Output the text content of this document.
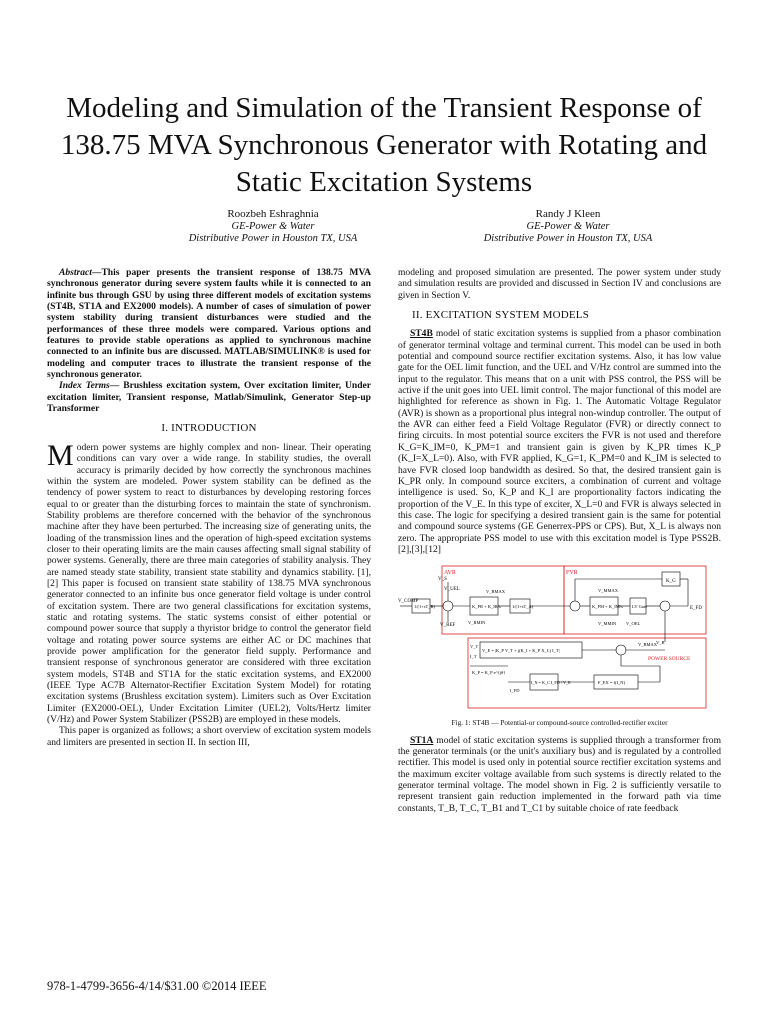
Modeling and Simulation of the Transient Response of 138.75 MVA Synchronous Generator with Rotating and Static Excitation Systems
Roozbeh Eshraghnia
GE-Power & Water
Distributive Power in Houston TX, USA
Randy J Kleen
GE-Power & Water
Distributive Power in Houston TX, USA

Abstract—This paper presents the transient response of 138.75 MVA synchronous generator during severe system faults while it is connected to an infinite bus through GSU by using three different models of excitation systems (ST4B, ST1A and EX2000 models). A number of cases of simulation of power system stability during transient disturbances were studied and the performances of these three models were compared. Various options and features to provide stable operations as applied to synchronous machine connected to an infinite bus are discussed. MATLAB/SIMULINK® is used for modeling and computer traces to illustrate the transient response of the synchronous generator.

Index Terms— Brushless excitation system, Over excitation limiter, Under excitation limiter, Transient response, Matlab/Simulink, Generator Step-up Transformer

I. INTRODUCTION

Modern power systems are highly complex and non- linear. Their operating conditions can vary over a wide range. In stability studies, the overall accuracy is primarily decided by how correctly the synchronous machines within the system are modeled. Power system stability can be defined as the tendency of power system to react to disturbances by developing restoring forces equal to or greater than the disturbing forces to maintain the state of synchronism. Stability problems are therefore concerned with the behavior of the synchronous machine after they have been perturbed. The increasing size of generating units, the loading of the transmission lines and the operation of high-speed excitation systems closer to their operating limits are the main causes affecting small signal stability of power systems. Generally, there are three main categories of stability analysis. They are named steady state stability, transient state stability and dynamics stability. [1], [2] This paper is focused on transient state stability of 138.75 MVA synchronous generator connected to an infinite bus once generator field voltage is under control of excitation system. There are two general classifications for excitation systems, static and rotating systems. The static systems consist of either potential or compound power source that supply a thyristor bridge to control the generator field voltage and rotating power source systems are either AC or DC machines that provide power amplification for the generator field supply. Performance and transient response of synchronous generator are considered with three excitation system models, ST4B and ST1A for the static excitation systems, and EX2000 (IEEE Type AC7B Alternator-Rectifier Excitation System Model) for rotating excitation systems (Brushless excitation system). Limiters such as Over Excitation Limiter (EX2000-OEL), Under Excitation Limiter (UEL2), Volts/Hertz limiter (V/Hz) and Power System Stabilizer (PSS2B) are employed in these models.

This paper is organized as follows; a short overview of excitation system models and limiters are presented in section II. In section III,

modeling and proposed simulation are presented. The power system under study and simulation results are provided and discussed in Section IV and conclusions are given in Section V.

II. EXCITATION SYSTEM MODELS

ST4B model of static excitation systems is supplied from a phasor combination of generator terminal voltage and terminal current. This model can be used in both potential and compound source rectifier excitation systems. Also, it has low value gate for the OEL limit function, and the UEL and V/Hz control are summed into the input to the regulator. This means that on a unit with PSS control, the PSS will be active if the unit goes into UEL limit control. The major functional of this model are highlighted for reference as shown in Fig. 1. The Automatic Voltage Regulator (AVR) is shown as a proportional plus integral non-windup controller. The output of the AVR can either feed a Field Voltage Regulator (FVR) or directly connect to firing circuits. In most potential source exciters the FVR is not used and therefore K_G=K_IM=0, K_PM=1 and transient gain is given by K_PR times K_P (K_I=X_L=0). Also, with FVR applied, K_G=1, K_PM=0 and K_IM is selected to have FVR closed loop bandwidth as desired. So that, the desired transient gain is K_PR only. In compound source exciters, a combination of current and voltage intelligence is used. So, K_P and K_I are proportionality factors indicating the proportion of the V_E. In this type of exciter, X_L=0 and FVR is always selected in this case. The logic for specifying a desired transient gain is the same for potential and compound source systems (GE Generrex-PPS or CPS). But, X_L is always non zero. The appropriate PSS model to use with this excitation model is Type PSS2B. [2],[3],[12]

AVR	FVR
POWER SOURCE
V_COMP
1/(1+sT_R)
V_S
V_UEL
V_REF
K_PR + K_IR/s
V_RMAX
V_RMIN
1/(1+sT_A)	K_PM + K_IM/s
V_MMAX
V_MMIN
LV Gate
V_OEL
E_FD
K_G
V_B
V_T
I_T
V_E = |K_P V_T + j(K_I + K_P X_L) I_T|
V_BMAX
K_P = K_P e^{jθ}
I_N = K_C I_FD / V_E	F_EX = f(I_N)
I_FD
Fig. 1: ST4B — Potential-or compound-source controlled-rectifier exciter

ST1A model of static excitation systems is supplied through a transformer from the generator terminals (or the unit's auxiliary bus) and is regulated by a controlled rectifier. This model is used only in potential source rectifier excitation systems and the maximum exciter voltage available from such systems is directly related to the generator terminal voltage. The model shown in Fig. 2 is sufficiently versatile to represent transient gain reduction implemented in the forward path via time constants, T_B, T_C, T_B1 and T_C1 by suitable choice of rate feedback

978-1-4799-3656-4/14/$31.00 ©2014 IEEE
